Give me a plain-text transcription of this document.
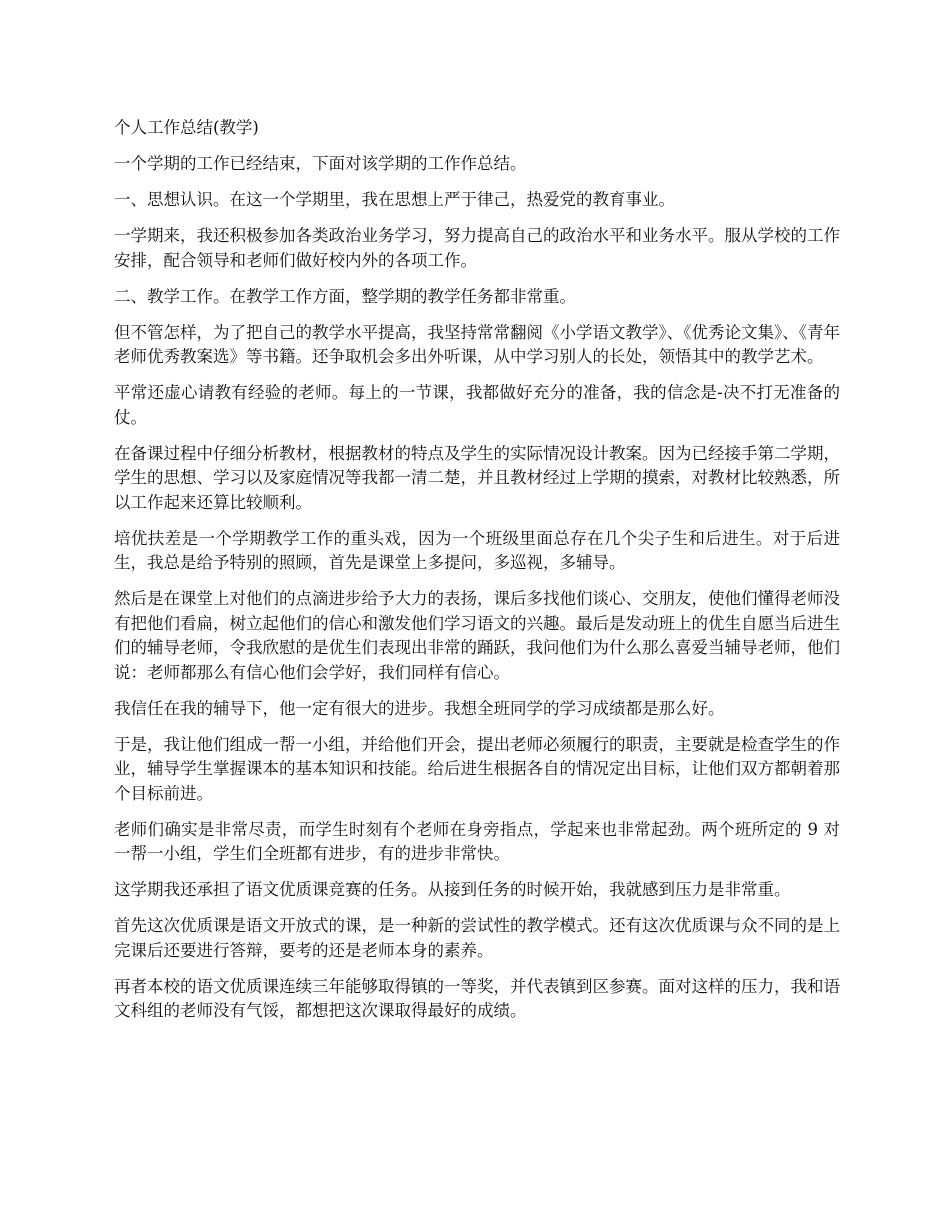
个人工作总结(教学)

一个学期的工作已经结束，下面对该学期的工作作总结。

一、思想认识。在这一个学期里，我在思想上严于律己，热爱党的教育事业。

一学期来，我还积极参加各类政治业务学习，努力提高自己的政治水平和业务水平。服从学校的工作安排，配合领导和老师们做好校内外的各项工作。

二、教学工作。在教学工作方面，整学期的教学任务都非常重。

但不管怎样，为了把自己的教学水平提高，我坚持常常翻阅《小学语文教学》、《优秀论文集》、《青年老师优秀教案选》等书籍。还争取机会多出外听课，从中学习别人的长处，领悟其中的教学艺术。

平常还虚心请教有经验的老师。每上的一节课，我都做好充分的准备，我的信念是-决不打无准备的仗。

在备课过程中仔细分析教材，根据教材的特点及学生的实际情况设计教案。因为已经接手第二学期，学生的思想、学习以及家庭情况等我都一清二楚，并且教材经过上学期的摸索，对教材比较熟悉，所以工作起来还算比较顺利。

培优扶差是一个学期教学工作的重头戏，因为一个班级里面总存在几个尖子生和后进生。对于后进生，我总是给予特别的照顾，首先是课堂上多提问，多巡视，多辅导。

然后是在课堂上对他们的点滴进步给予大力的表扬，课后多找他们谈心、交朋友，使他们懂得老师没有把他们看扁，树立起他们的信心和激发他们学习语文的兴趣。最后是发动班上的优生自愿当后进生们的辅导老师，令我欣慰的是优生们表现出非常的踊跃，我问他们为什么那么喜爱当辅导老师，他们说：老师都那么有信心他们会学好，我们同样有信心。

我信任在我的辅导下，他一定有很大的进步。我想全班同学的学习成绩都是那么好。

于是，我让他们组成一帮一小组，并给他们开会，提出老师必须履行的职责，主要就是检查学生的作业，辅导学生掌握课本的基本知识和技能。给后进生根据各自的情况定出目标，让他们双方都朝着那个目标前进。

老师们确实是非常尽责，而学生时刻有个老师在身旁指点，学起来也非常起劲。两个班所定的 9 对一帮一小组，学生们全班都有进步，有的进步非常快。

这学期我还承担了语文优质课竞赛的任务。从接到任务的时候开始，我就感到压力是非常重。

首先这次优质课是语文开放式的课，是一种新的尝试性的教学模式。还有这次优质课与众不同的是上完课后还要进行答辩，要考的还是老师本身的素养。

再者本校的语文优质课连续三年能够取得镇的一等奖，并代表镇到区参赛。面对这样的压力，我和语文科组的老师没有气馁，都想把这次课取得最好的成绩。
